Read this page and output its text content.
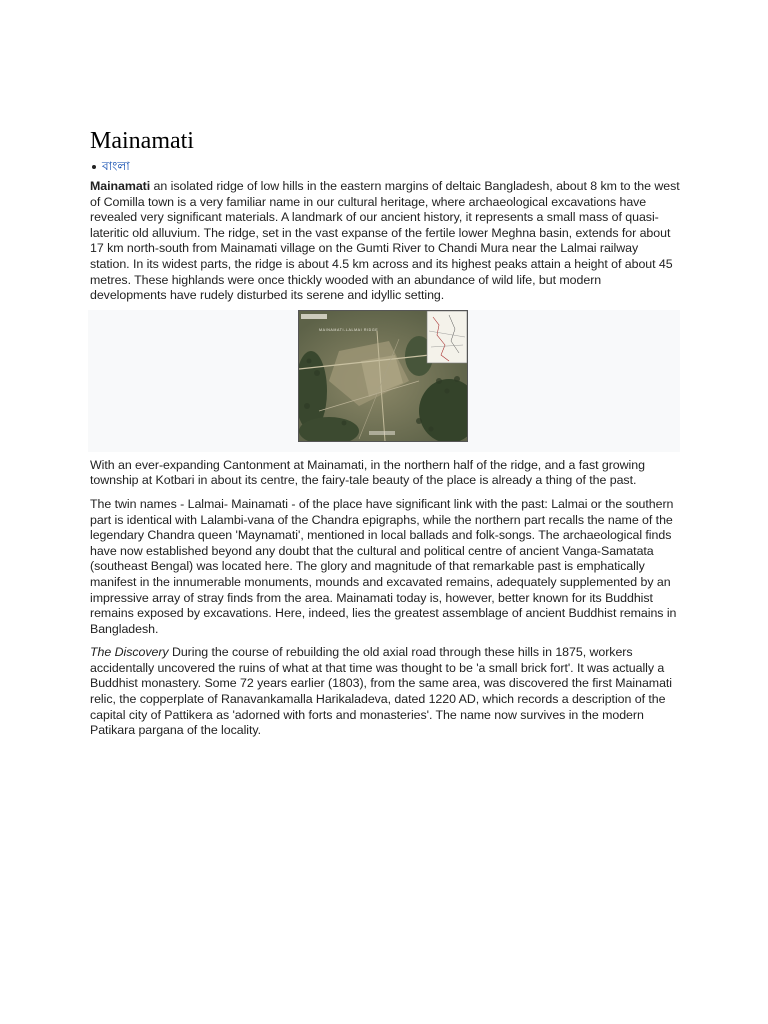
Mainamati
বাংলা

Mainamati an isolated ridge of low hills in the eastern margins of deltaic Bangladesh, about 8 km to the west of Comilla town is a very familiar name in our cultural heritage, where archaeological excavations have revealed very significant materials. A landmark of our ancient history, it represents a small mass of quasi-lateritic old alluvium. The ridge, set in the vast expanse of the fertile lower Meghna basin, extends for about 17 km north-south from Mainamati village on the Gumti River to Chandi Mura near the Lalmai railway station. In its widest parts, the ridge is about 4.5 km across and its highest peaks attain a height of about 45 metres. These highlands were once thickly wooded with an abundance of wild life, but modern developments have rudely disturbed its serene and idyllic setting.

MAINAMATI-LALMAI RIDGE

With an ever-expanding Cantonment at Mainamati, in the northern half of the ridge, and a fast growing township at Kotbari in about its centre, the fairy-tale beauty of the place is already a thing of the past.

The twin names - Lalmai- Mainamati - of the place have significant link with the past: Lalmai or the southern part is identical with Lalambi-vana of the Chandra epigraphs, while the northern part recalls the name of the legendary Chandra queen 'Maynamati', mentioned in local ballads and folk-songs. The archaeological finds have now established beyond any doubt that the cultural and political centre of ancient Vanga-Samatata (southeast Bengal) was located here. The glory and magnitude of that remarkable past is emphatically manifest in the innumerable monuments, mounds and excavated remains, adequately supplemented by an impressive array of stray finds from the area. Mainamati today is, however, better known for its Buddhist remains exposed by excavations. Here, indeed, lies the greatest assemblage of ancient Buddhist remains in Bangladesh.

The Discovery During the course of rebuilding the old axial road through these hills in 1875, workers accidentally uncovered the ruins of what at that time was thought to be 'a small brick fort'. It was actually a Buddhist monastery. Some 72 years earlier (1803), from the same area, was discovered the first Mainamati relic, the copperplate of Ranavankamalla Harikaladeva, dated 1220 AD, which records a description of the capital city of Pattikera as 'adorned with forts and monasteries'. The name now survives in the modern Patikara pargana of the locality.
